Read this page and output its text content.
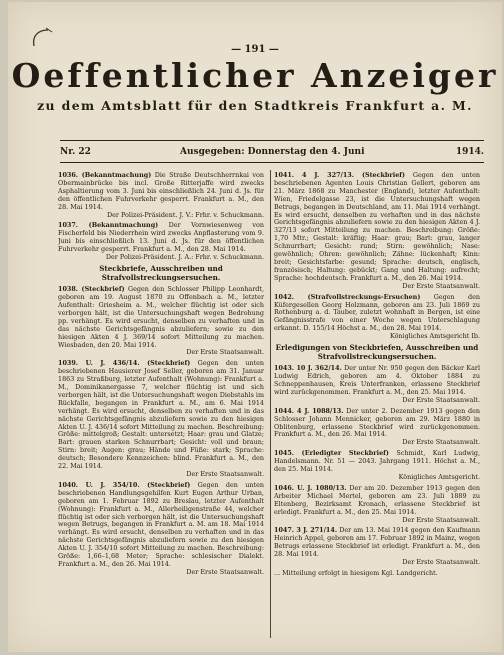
— 191 —
Oeffentlicher Anzeiger
zu dem Amtsblatt für den Stadtkreis Frankfurt a. M.
Nr. 22	Ausgegeben: Donnerstag den 4. Juni	1914.
1036. (Bekanntmachung) Die Straße Deutschherrnkai von Obermainbrücke bis incl. Große Ritterjaffe wird zwecks Asphaltierung vom 3. Juni bis einschließlich 24. Juni d. Js. für den öffentlichen Fuhrverkehr gesperrt. Frankfurt a. M., den 28. Mai 1914.
Der Polizei-Präsident. J. V.: Frhr. v. Schuckmann.
1037. (Bekanntmachung) Der Vornwiesenweg von Fischerfeld bis Niederrhein wird zwecks Anpflasterung vom 9. Juni bis einschließlich 13. Juni d. Js. für den öffentlichen Fuhrverkehr gesperrt. Frankfurt a. M., den 28. Mai 1914.
Der Polizei-Präsident. J. A.: Frhr. v. Schuckmann.
Steckbriefe, Ausschreiben und Strafvollstreckungsersuchen.
1038. (Steckbrief) Gegen den Schlosser Philipp Leonhardt, geboren am 19. August 1870 zu Offenbach a. M., letzter Aufenthalt: Griesheim a. M., welcher flüchtig ist oder sich verborgen hält, ist die Untersuchungshaft wegen Bedrohung pp. verhängt. Es wird ersucht, denselben zu verhaften und in das nächste Gerichtsgefängnis abzuliefern; sowie zu den hiesigen Akten 4 J. 369/14 sofort Mitteilung zu machen. Wiesbaden, den 20. Mai 1914.
Der Erste Staatsanwalt.
1039. U. J. 436/14. (Steckbrief) Gegen den unten beschriebenen Hausierer Josef Seller, geboren am 31. Januar 1863 zu Straßburg, letzter Aufenthalt (Wohnung): Frankfurt a. M., Dominikanergasse 7, welcher flüchtig ist und sich verborgen hält, ist die Untersuchungshaft wegen Diebstahls im Rückfalle, begangen in Frankfurt a. M., am 6. Mai 1914 verhängt. Es wird ersucht, denselben zu verhaften und in das nächste Gerichtsgefängnis abzuliefern sowie zu den hiesigen Akten U. J. 436/14 sofort Mitteilung zu machen. Beschreibung: Größe: mittelgroß; Gestalt: untersetzt; Haar: grau und Glatze; Bart: grauen starken Schnurrbart; Gesicht: voll und braun; Stirn: breit; Augen: grau; Hände und Füße: stark; Sprache: deutsch; Besondere Kennzeichen: blind. Frankfurt a. M., den 22. Mai 1914.
Der Erste Staatsanwalt.
1040. U. J. 354/10. (Steckbrief) Gegen den unten beschriebenen Handlungsgehilfen Kurt Eugen Arthur Urban, geboren am 1. Februar 1892 zu Breslau, letzter Aufenthalt (Wohnung): Frankfurt a. M., Allerheiligenstraße 44, welcher flüchtig ist oder sich verborgen hält, ist die Untersuchungshaft wegen Betrugs, begangen in Frankfurt a. M. am 18. Mai 1914 verhängt. Es wird ersucht, denselben zu verhaften und in das nächste Gerichtsgefängnis abzuliefern sowie zu den hiesigen Akten U. J. 354/10 sofort Mitteilung zu machen. Beschreibung: Größe: 1,66–1,68 Meter; Sprache: schlesischer Dialekt. Frankfurt a. M., den 26. Mai 1914.
Der Erste Staatsanwalt.
1041. 4 J. 327/13. (Steckbrief) Gegen den unten beschriebenen Agenten Louis Christian Gellert, geboren am 21. März 1868 zu Manchester (England), letzter Aufenthalt: Wien, Friedelgasse 23, ist die Untersuchungshaft wegen Betrugs, begangen in Deutschland, am 11. Mai 1914 verhängt. Es wird ersucht, denselben zu verhaften und in das nächste Gerichtsgefängnis abzuliefern sowie zu den hiesigen Akten 4 J. 327/13 sofort Mitteilung zu machen. Beschreibung: Größe: 1,70 Mtr.; Gestalt: kräftig; Haar: grau; Bart: grau, langer Schnurrbart; Gesicht: rund; Stirn: gewöhnlich; Nase: gewöhnlich; Ohren: gewöhnlich; Zähne: lückenhaft; Kinn: breit; Gesichtsfarbe: gesund; Sprache: deutsch, englisch, französisch; Haltung: gebückt; Gang und Haltung: aufrecht; Sprache: hochdeutsch. Frankfurt a. M., den 26. Mai 1914.
Der Erste Staatsanwalt.
1042. (Strafvollstreckungs-Ersuchen) Gegen den Küfergesellen Georg Holzmann, geboren am 23. Juli 1869 zu Rothenburg a. d. Tauber, zuletzt wohnhaft in Bergen, ist eine Gefängnisstrafe von einer Woche wegen Unterschlagung erkannt. D. 155/14 Höchst a. M., den 28. Mai 1914.
Königliches Amtsgericht Ib.
Erledigungen von Steckbriefen, Ausschreiben und Strafvollstreckungsersuchen.
1043. 10 J. 362/14. Der unter Nr. 950 gegen den Bäcker Karl Ludwig Edrich, geboren am 4. Oktober 1884 zu Schneppenhausen, Kreis Unterfranken, erlassene Steckbrief wird zurückgenommen. Frankfurt a. M., den 25. Mai 1914.
Der Erste Staatsanwalt.
1044. 4 J. 1088/13. Der unter 2. Dezember 1913 gegen den Schlosser Johann Mennicker, geboren am 29. März 1880 in Oblitenburg, erlassene Steckbrief wird zurückgenommen. Frankfurt a. M., den 26. Mai 1914.
Der Erste Staatsanwalt.
1045. (Erledigter Steckbrief) Schmidt, Karl Ludwig, Handelsmann. Nr. 51 — 2043. Jahrgang 1911. Höchst a. M., den 25. Mai 1914.
Königliches Amtsgericht.
1046. U. J. 1080/13. Der am 20. Dezember 1913 gegen den Arbeiter Michael Mertel, geboren am 23. Juli 1889 zu Eltenberg, Bezirksamt Kronach, erlassene Steckbrief ist erledigt. Frankfurt a. M., den 25. Mai 1914.
Der Erste Staatsanwalt.
1047. 3 J. 271/14. Der am 13. Mai 1914 gegen den Kaufmann Heinrich Appel, geboren am 17. Februar 1892 in Mainz, wegen Betrugs erlassene Steckbrief ist erledigt. Frankfurt a. M., den 28. Mai 1914.
Der Erste Staatsanwalt.
... Mitteilung erfolgt in hiesigem Kgl. Landgericht.
